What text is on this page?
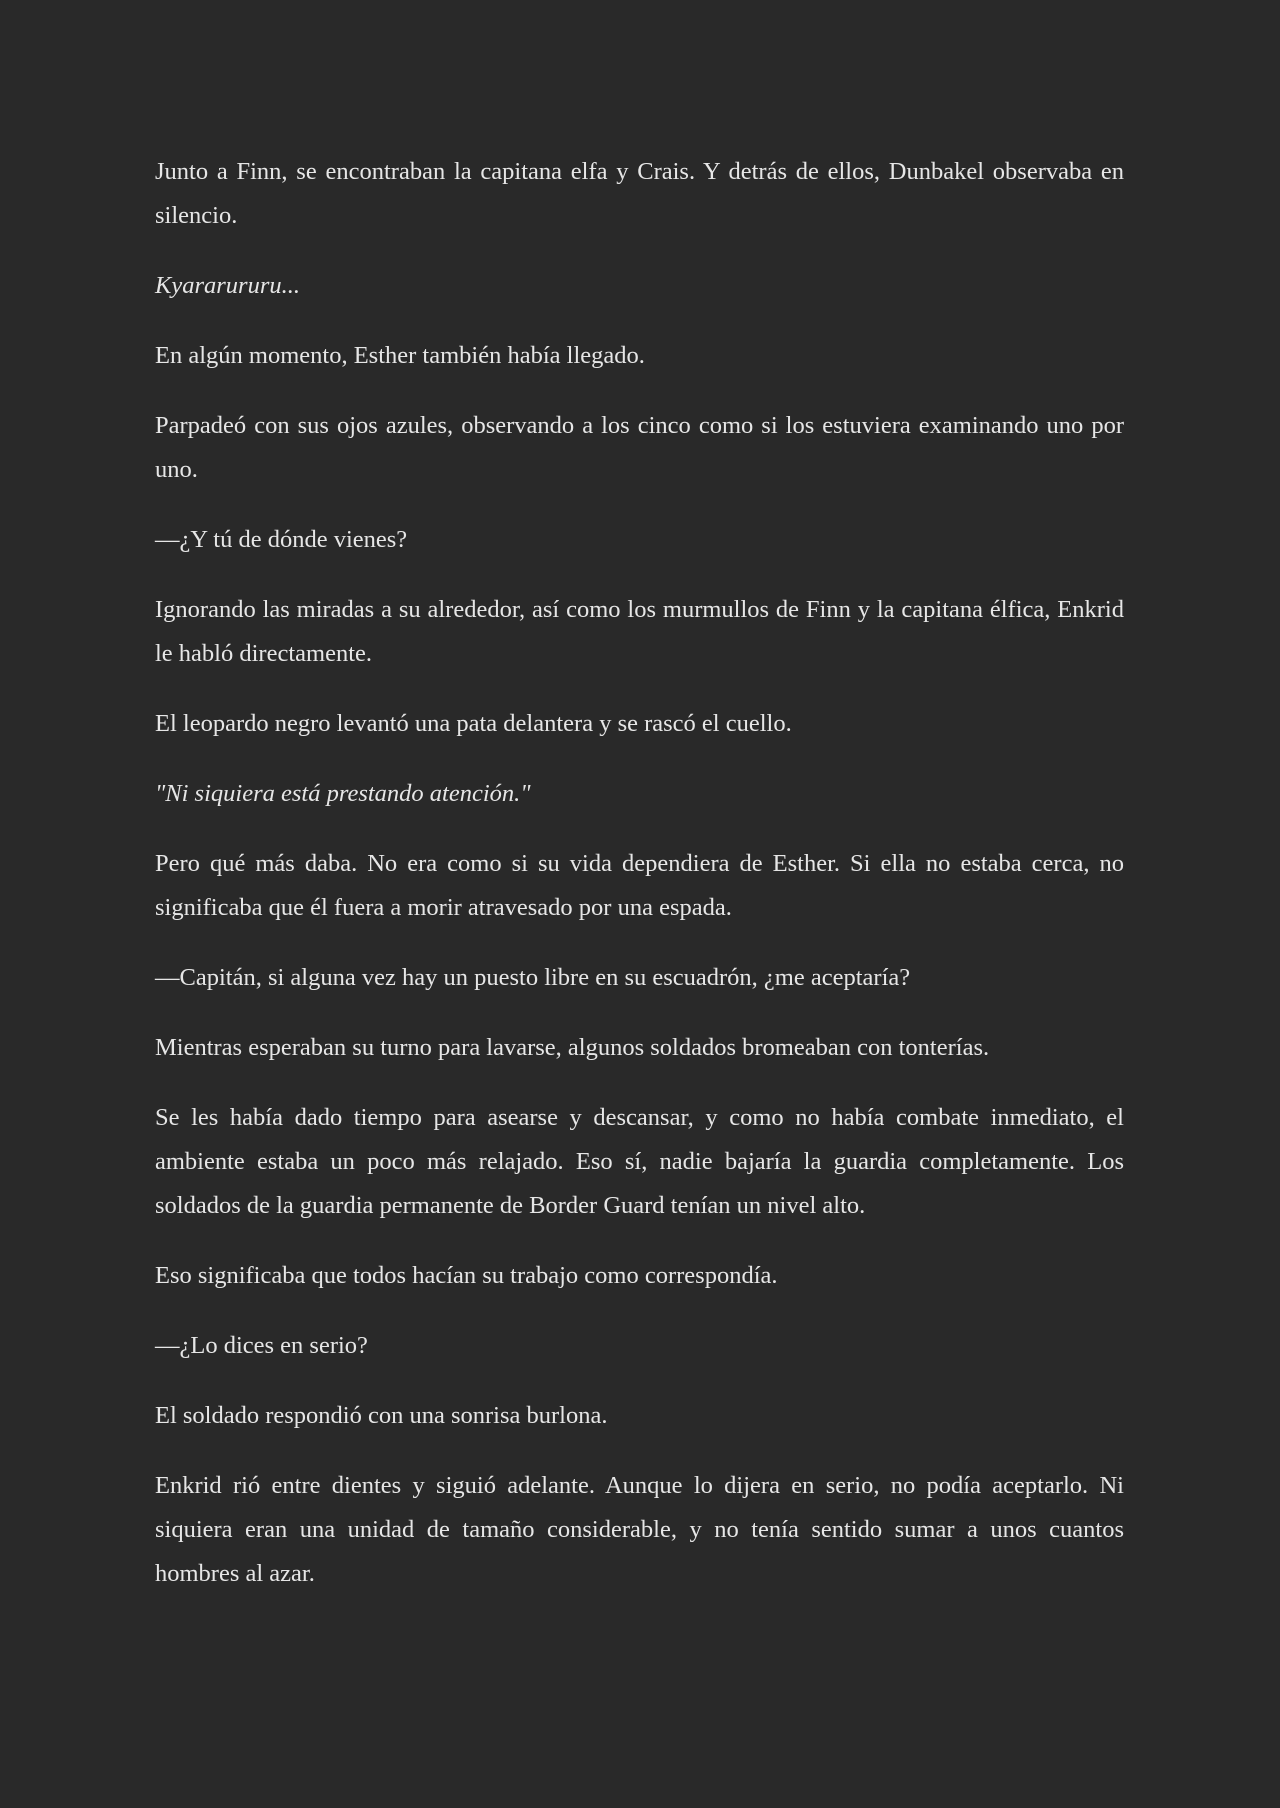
Junto a Finn, se encontraban la capitana elfa y Crais. Y detrás de ellos, Dunbakel observaba en silencio.

Kyararururu...

En algún momento, Esther también había llegado.

Parpadeó con sus ojos azules, observando a los cinco como si los estuviera examinando uno por uno.

—¿Y tú de dónde vienes?

Ignorando las miradas a su alrededor, así como los murmullos de Finn y la capitana élfica, Enkrid le habló directamente.

El leopardo negro levantó una pata delantera y se rascó el cuello.

"Ni siquiera está prestando atención."

Pero qué más daba. No era como si su vida dependiera de Esther. Si ella no estaba cerca, no significaba que él fuera a morir atravesado por una espada.

—Capitán, si alguna vez hay un puesto libre en su escuadrón, ¿me aceptaría?

Mientras esperaban su turno para lavarse, algunos soldados bromeaban con tonterías.

Se les había dado tiempo para asearse y descansar, y como no había combate inmediato, el ambiente estaba un poco más relajado. Eso sí, nadie bajaría la guardia completamente. Los soldados de la guardia permanente de Border Guard tenían un nivel alto.

Eso significaba que todos hacían su trabajo como correspondía.

—¿Lo dices en serio?

El soldado respondió con una sonrisa burlona.

Enkrid rió entre dientes y siguió adelante. Aunque lo dijera en serio, no podía aceptarlo. Ni siquiera eran una unidad de tamaño considerable, y no tenía sentido sumar a unos cuantos hombres al azar.
